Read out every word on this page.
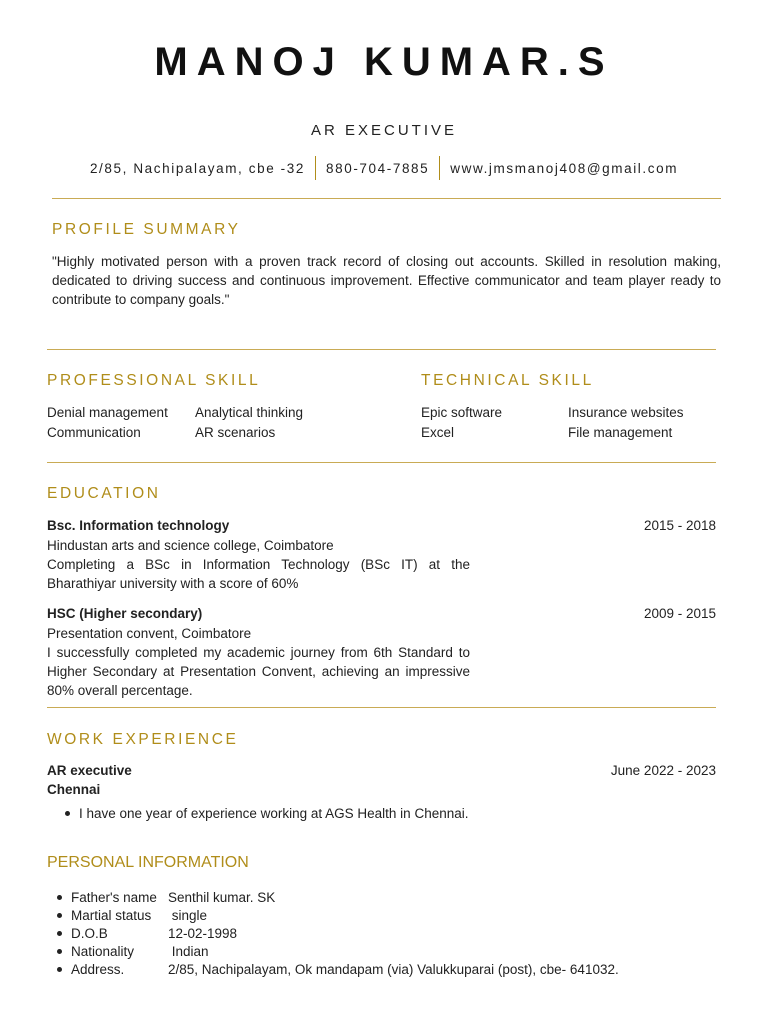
MANOJ KUMAR.S
AR EXECUTIVE
2/85, Nachipalayam, cbe -32 880-704-7885 www.jmsmanoj408@gmail.com
PROFILE SUMMARY
"Highly motivated person with a proven track record of closing out accounts. Skilled in resolution making, dedicated to driving success and continuous improvement. Effective communicator and team player ready to contribute to company goals."
PROFESSIONAL SKILL
Denial management	Analytical thinking
Communication	AR scenarios
TECHNICAL SKILL
Epic software	Insurance websites
Excel	File management
EDUCATION
Bsc. Information technology	2015 - 2018
Hindustan arts and science college, Coimbatore
Completing a BSc in Information Technology (BSc IT) at the Bharathiyar university with a score of 60%
HSC (Higher secondary)	2009 - 2015
Presentation convent, Coimbatore
I successfully completed my academic journey from 6th Standard to Higher Secondary at Presentation Convent, achieving an impressive 80% overall percentage.
WORK EXPERIENCE
AR executive	June 2022 - 2023
Chennai
I have one year of experience working at AGS Health in Chennai.
PERSONAL INFORMATION
Father's name Senthil kumar. SK
Martial status single
D.O.B	12-02-1998
Nationality	Indian
Address.	2/85, Nachipalayam, Ok mandapam (via) Valukkuparai (post), cbe- 641032.
